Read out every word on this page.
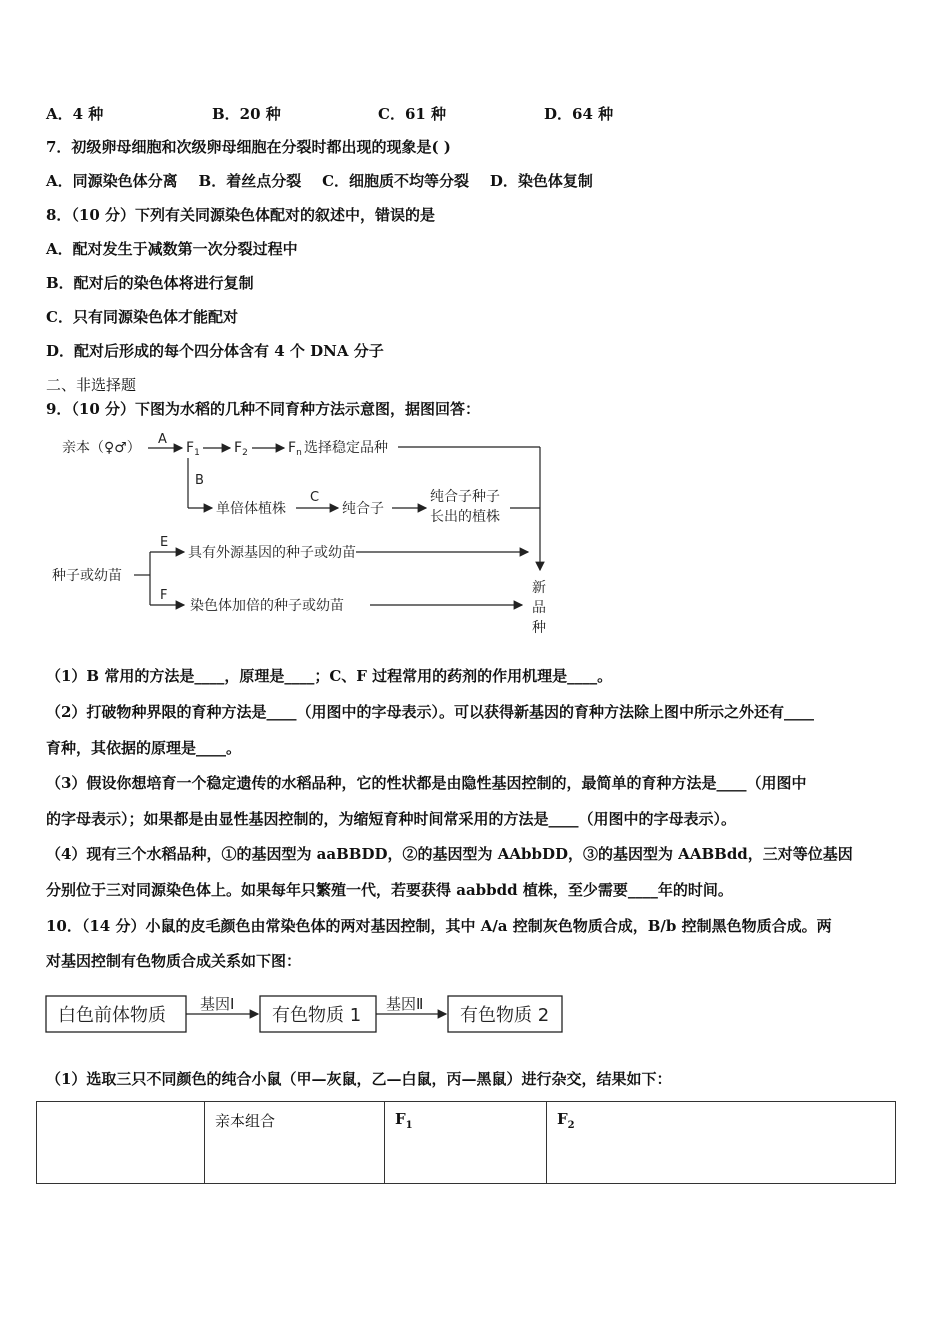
A．4 种	B．20 种	C．61 种	D．64 种
7．初级卵母细胞和次级卵母细胞在分裂时都出现的现象是( )
A．同源染色体分离    B．着丝点分裂    C．细胞质不均等分裂    D．染色体复制
8．（10 分）下列有关同源染色体配对的叙述中，错误的是
A．配对发生于减数第一次分裂过程中
B．配对后的染色体将进行复制
C．只有同源染色体才能配对
D．配对后形成的每个四分体含有 4 个 DNA 分子
二、非选择题
9．（10 分）下图为水稻的几种不同育种方法示意图，据图回答：
亲本（♀♂）
A
$F_1$ $F_2$	$F_n$ 选择稳定品种
B
单倍体植株
C
纯合子
纯合子种子
长出的植株
种子或幼苗
E
具有外源基因的种子或幼苗
F
染色体加倍的种子或幼苗
新
品
种
（1）B 常用的方法是____，原理是____；C、F 过程常用的药剂的作用机理是____。
（2）打破物种界限的育种方法是____（用图中的字母表示）。可以获得新基因的育种方法除上图中所示之外还有____
育种，其依据的原理是____。
（3）假设你想培育一个稳定遗传的水稻品种，它的性状都是由隐性基因控制的，最简单的育种方法是____（用图中
的字母表示）；如果都是由显性基因控制的，为缩短育种时间常采用的方法是____（用图中的字母表示）。
（4）现有三个水稻品种，①的基因型为 aaBBDD，②的基因型为 AAbbDD，③的基因型为 AABBdd，三对等位基因
分别位于三对同源染色体上。如果每年只繁殖一代，若要获得 aabbdd 植株，至少需要____年的时间。
10．（14 分）小鼠的皮毛颜色由常染色体的两对基因控制，其中 A/a 控制灰色物质合成，B/b 控制黑色物质合成。两
对基因控制有色物质合成关系如下图：
白色前体物质
基因Ⅰ
有色物质 1
基因Ⅱ
有色物质 2
（1）选取三只不同颜色的纯合小鼠（甲—灰鼠，乙—白鼠，丙—黑鼠）进行杂交，结果如下：
	亲本组合	$F_1$	$F_2$
